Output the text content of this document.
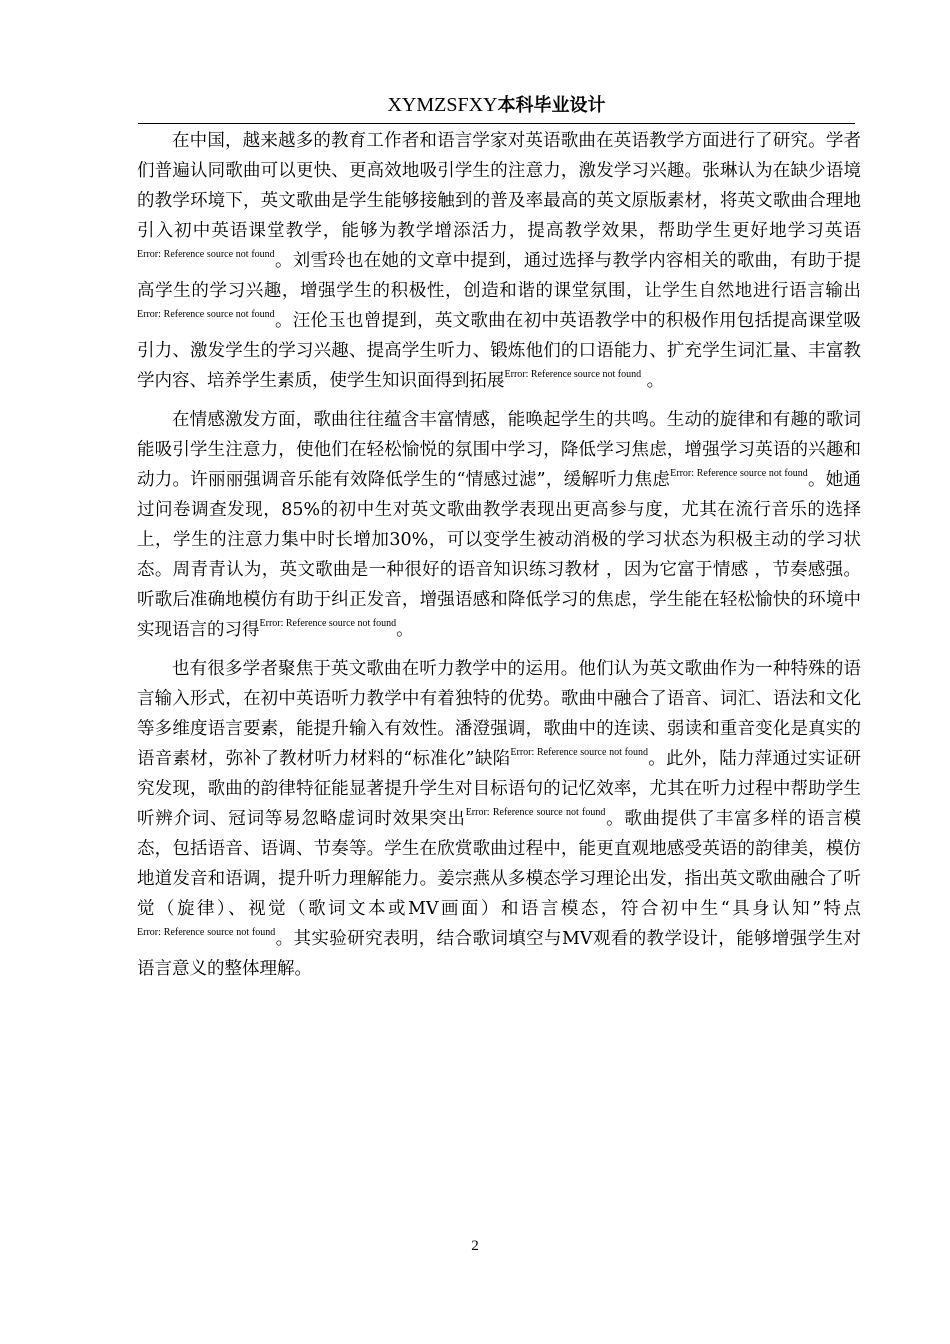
XYMZSFXY本科毕业设计

在中国，越来越多的教育工作者和语言学家对英语歌曲在英语教学方面进行了研究。学者们普遍认同歌曲可以更快、更高效地吸引学生的注意力，激发学习兴趣。张琳认为在缺少语境的教学环境下，英文歌曲是学生能够接触到的普及率最高的英文原版素材，将英文歌曲合理地引入初中英语课堂教学，能够为教学增添活力，提高教学效果，帮助学生更好地学习英语$^{Error: Reference source not found}$。刘雪玲也在她的文章中提到，通过选择与教学内容相关的歌曲，有助于提高学生的学习兴趣，增强学生的积极性，创造和谐的课堂氛围，让学生自然地进行语言输出$^{Error: Reference source not found}$。汪伦玉也曾提到，英文歌曲在初中英语教学中的积极作用包括提高课堂吸引力、激发学生的学习兴趣、提高学生听力、锻炼他们的口语能力、扩充学生词汇量、丰富教学内容、培养学生素质，使学生知识面得到拓展$^{Error: Reference source not found}$ 。

在情感激发方面，歌曲往往蕴含丰富情感，能唤起学生的共鸣。生动的旋律和有趣的歌词能吸引学生注意力，使他们在轻松愉悦的氛围中学习，降低学习焦虑，增强学习英语的兴趣和动力。许丽丽强调音乐能有效降低学生的“情感过滤”，缓解听力焦虑$^{Error: Reference source not found}$。她通过问卷调查发现，85%的初中生对英文歌曲教学表现出更高参与度，尤其在流行音乐的选择上，学生的注意力集中时长增加30%，可以变学生被动消极的学习状态为积极主动的学习状态。周青青认为，英文歌曲是一种很好的语音知识练习教材 ，因为它富于情感 ，节奏感强。听歌后准确地模仿有助于纠正发音，增强语感和降低学习的焦虑，学生能在轻松愉快的环境中实现语言的习得$^{Error: Reference source not found}$。

也有很多学者聚焦于英文歌曲在听力教学中的运用。他们认为英文歌曲作为一种特殊的语言输入形式，在初中英语听力教学中有着独特的优势。歌曲中融合了语音、词汇、语法和文化等多维度语言要素，能提升输入有效性。潘澄强调，歌曲中的连读、弱读和重音变化是真实的语音素材，弥补了教材听力材料的“标准化”缺陷$^{Error: Reference source not found}$。此外，陆力萍通过实证研究发现，歌曲的韵律特征能显著提升学生对目标语句的记忆效率，尤其在听力过程中帮助学生听辨介词、冠词等易忽略虚词时效果突出$^{Error: Reference source not found}$。歌曲提供了丰富多样的语言模态，包括语音、语调、节奏等。学生在欣赏歌曲过程中，能更直观地感受英语的韵律美，模仿地道发音和语调，提升听力理解能力。姜宗燕从多模态学习理论出发，指出英文歌曲融合了听觉（旋律）、视觉（歌词文本或MV画面）和语言模态，符合初中生“具身认知”特点$^{Error: Reference source not found}$。其实验研究表明，结合歌词填空与MV观看的教学设计，能够增强学生对语言意义的整体理解。

2
